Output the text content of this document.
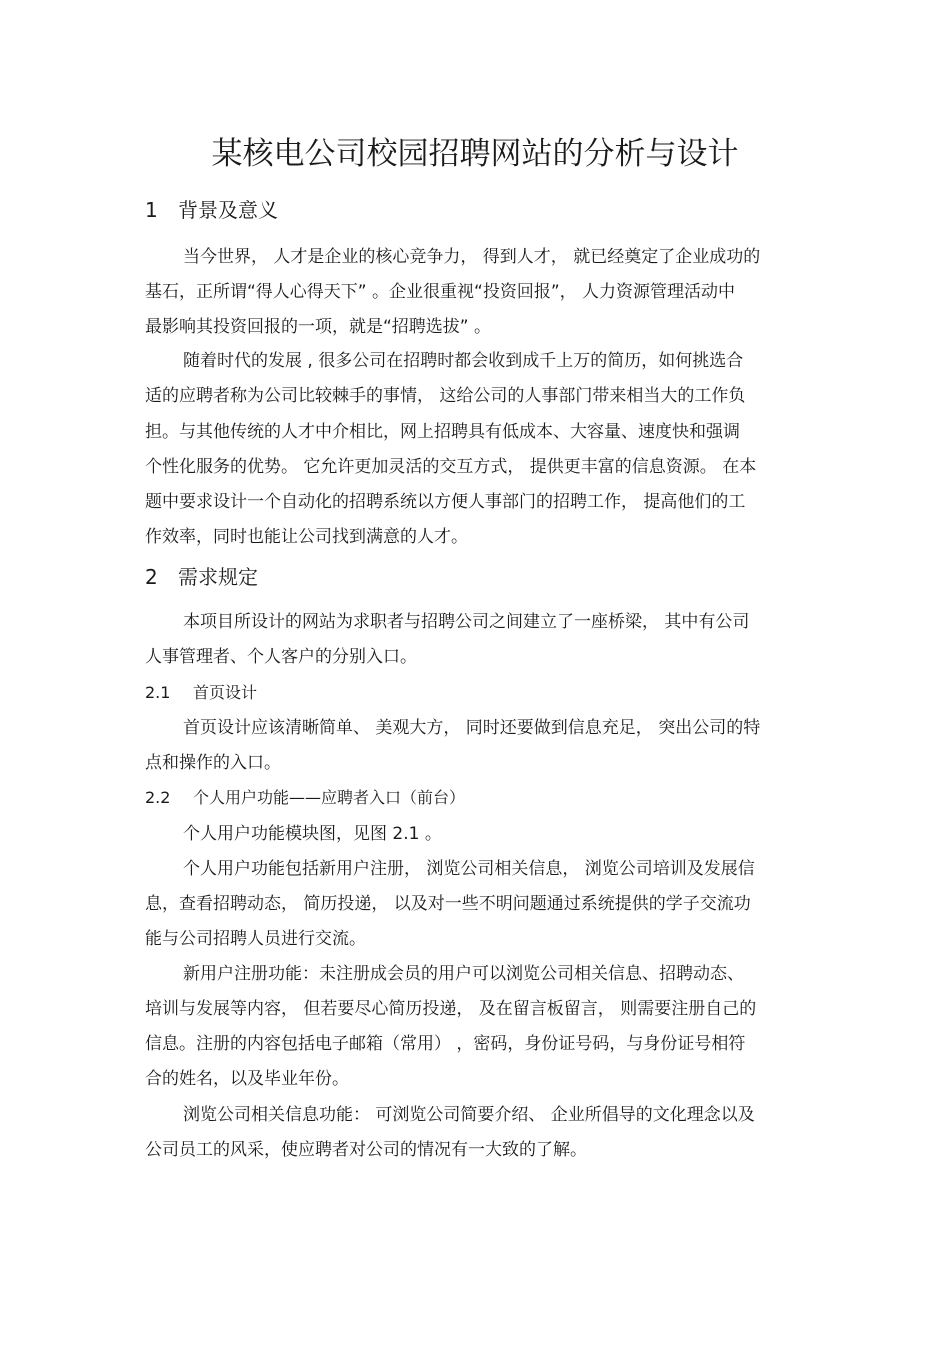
某核电公司校园招聘网站的分析与设计
1 背景及意义
当今世界， 人才是企业的核心竞争力， 得到人才， 就已经奠定了企业成功的
基石，正所谓“得人心得天下” 。企业很重视“投资回报”， 人力资源管理活动中
最影响其投资回报的一项，就是“招聘选拔” 。
随着时代的发展 , 很多公司在招聘时都会收到成千上万的简历，如何挑选合
适的应聘者称为公司比较棘手的事情， 这给公司的人事部门带来相当大的工作负
担。与其他传统的人才中介相比，网上招聘具有低成本、大容量、速度快和强调
个性化服务的优势。 它允许更加灵活的交互方式， 提供更丰富的信息资源。 在本
题中要求设计一个自动化的招聘系统以方便人事部门的招聘工作， 提高他们的工
作效率，同时也能让公司找到满意的人才。
2 需求规定
本项目所设计的网站为求职者与招聘公司之间建立了一座桥梁， 其中有公司
人事管理者、个人客户的分别入口。
2.1 首页设计
首页设计应该清晰简单、 美观大方， 同时还要做到信息充足， 突出公司的特
点和操作的入口。
2.2 个人用户功能——应聘者入口（前台）
个人用户功能模块图，见图 2.1 。
个人用户功能包括新用户注册， 浏览公司相关信息， 浏览公司培训及发展信
息，查看招聘动态， 简历投递， 以及对一些不明问题通过系统提供的学子交流功
能与公司招聘人员进行交流。
新用户注册功能：未注册成会员的用户可以浏览公司相关信息、招聘动态、
培训与发展等内容， 但若要尽心简历投递， 及在留言板留言， 则需要注册自己的
信息。注册的内容包括电子邮箱（常用） ，密码，身份证号码，与身份证号相符
合的姓名，以及毕业年份。
浏览公司相关信息功能： 可浏览公司简要介绍、 企业所倡导的文化理念以及
公司员工的风采，使应聘者对公司的情况有一大致的了解。
